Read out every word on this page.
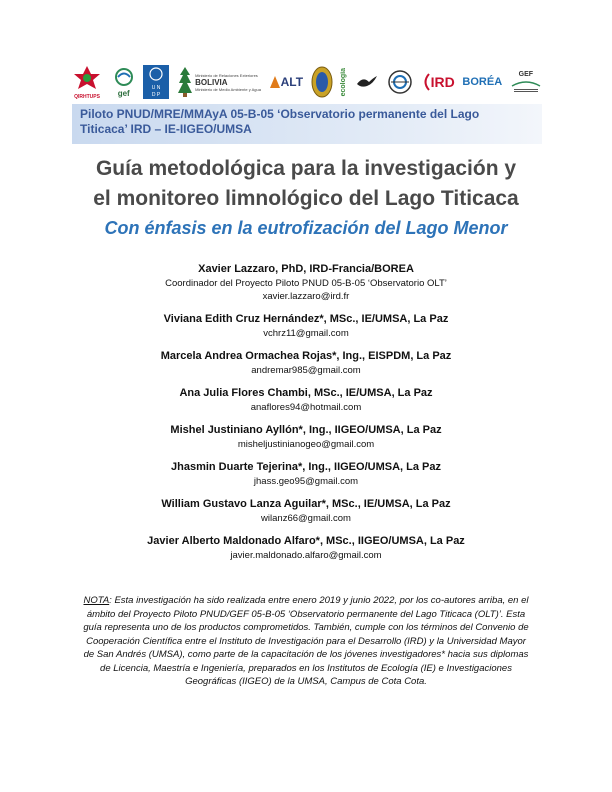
QIRHTUPS gef
U N
D P
Ministerio de Relaciones Exteriores
BOLIVIA
Ministerio de Medio Ambiente y Agua ALT	ecología	IRD BORÉA
GEF
Piloto PNUD/MRE/MMAyA 05-B-05 ‘Observatorio permanente del Lago
Titicaca’ IRD – IE-IIGEO/UMSA
Guía metodológica para la investigación y
el monitoreo limnológico del Lago Titicaca
Con énfasis en la eutrofización del Lago Menor
Xavier Lazzaro, PhD, IRD-Francia/BOREA
Coordinador del Proyecto Piloto PNUD 05-B-05 ‘Observatorio OLT’
xavier.lazzaro@ird.fr
Viviana Edith Cruz Hernández*, MSc., IE/UMSA, La Paz
vchrz11@gmail.com
Marcela Andrea Ormachea Rojas*, Ing., EISPDM, La Paz
andremar985@gmail.com
Ana Julia Flores Chambi, MSc., IE/UMSA, La Paz
anaflores94@hotmail.com
Mishel Justiniano Ayllón*, Ing., IIGEO/UMSA, La Paz
misheljustinianogeo@gmail.com
Jhasmin Duarte Tejerina*, Ing., IIGEO/UMSA, La Paz
jhass.geo95@gmail.com
William Gustavo Lanza Aguilar*, MSc., IE/UMSA, La Paz
wilanz66@gmail.com
Javier Alberto Maldonado Alfaro*, MSc., IIGEO/UMSA, La Paz
javier.maldonado.alfaro@gmail.com
NOTA: Esta investigación ha sido realizada entre enero 2019 y junio 2022, por los co-autores arriba, en el ámbito del Proyecto Piloto PNUD/GEF 05-B-05 ‘Observatorio permanente del Lago Titicaca (OLT)’. Esta guía representa uno de los productos comprometidos. También, cumple con los términos del Convenio de Cooperación Científica entre el Instituto de Investigación para el Desarrollo (IRD) y la Universidad Mayor de San Andrés (UMSA), como parte de la capacitación de los jóvenes investigadores* hacia sus diplomas de Licencia, Maestría e Ingeniería, preparados en los Institutos de Ecología (IE) e Investigaciones Geográficas (IIGEO) de la UMSA, Campus de Cota Cota.
